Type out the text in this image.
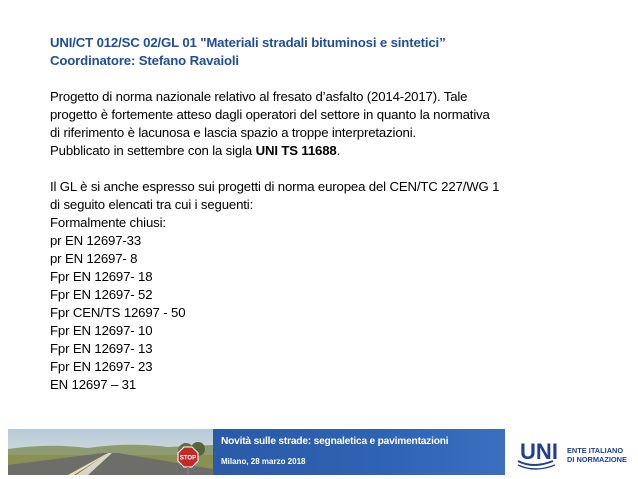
UNI/CT 012/SC 02/GL 01 "Materiali stradali bituminosi e sintetici”
Coordinatore: Stefano Ravaioli

Progetto di norma nazionale relativo al fresato d’asfalto (2014-2017). Tale
progetto è fortemente atteso dagli operatori del settore in quanto la normativa
di riferimento è lacunosa e lascia spazio a troppe interpretazioni.
Pubblicato in settembre con la sigla UNI TS 11688.

Il GL è si anche espresso sui progetti di norma europea del CEN/TC 227/WG 1
di seguito elencati tra cui i seguenti:
Formalmente chiusi:

pr EN 12697-33
pr EN 12697- 8
Fpr EN 12697- 18
Fpr EN 12697- 52
Fpr CEN/TS 12697 - 50
Fpr EN 12697- 10
Fpr EN 12697- 13
Fpr EN 12697- 23
EN 12697 – 31
STOP
Novità sulle strade: segnaletica e pavimentazioni
Milano, 28 marzo 2018	UNI ENTE ITALIANO
DI NORMAZIONE
